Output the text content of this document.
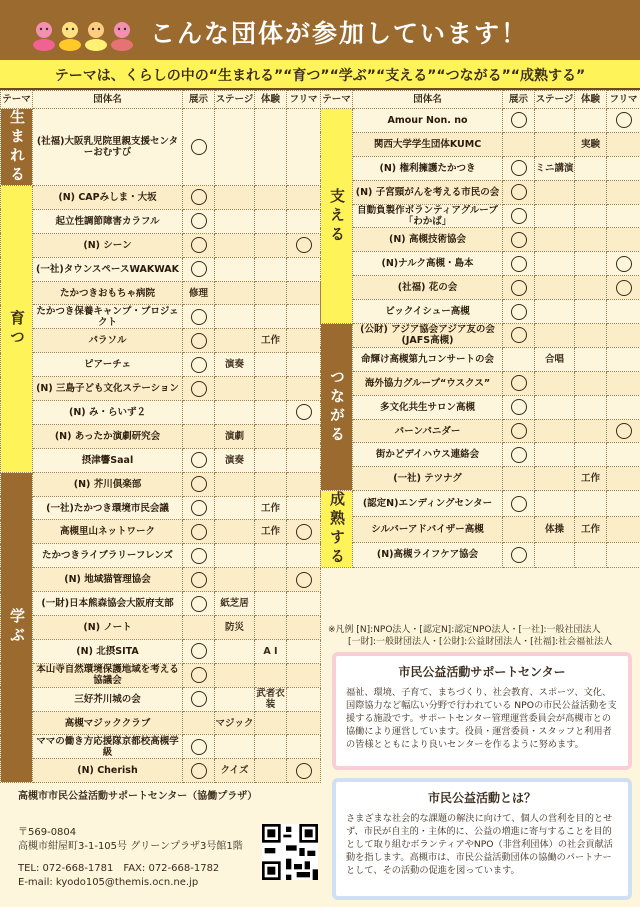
こんな団体が参加しています！
テーマは、くらしの中の“生まれる”“育つ”“学ぶ”“支える”“つながる”“成熟する”
テーマ	団体名	展示	ステージ	体験	フリマ
生まれる	(社福)大阪乳児院里親支援センターおむすび				
育つ	(N) CAPみしま・大坂				
	起立性調節障害カラフル				
	(N) シーン				
	(一社)タウンスペースWAKWAK				
	たかつきおもちゃ病院	修理			
	たかつき保養キャンプ・プロジェクト				
	パラソル			工作	
	ピアーチェ		演奏		
	(N) 三島子ども文化ステーション				
	(N) み・らいず２				
	(N) あったか演劇研究会		演劇		
	摂津響Saal		演奏		
学ぶ	(N) 芥川倶楽部				
	(一社)たかつき環境市民会議			工作	
	高槻里山ネットワーク			工作	
	たかつきライブラリーフレンズ				
	(N) 地域猫管理協会				
	(一財)日本熊森協会大阪府支部		紙芝居		
	(N) ノート		防災		
	(N) 北摂SITA			A I	
	本山寺自然環境保護地域を考える協議会				
	三好芥川城の会			武者衣装	
	高槻マジッククラブ		マジック		
	ママの働き方応援隊京都校高槻学級				
	(N) Cherish		クイズ		
テーマ	団体名	展示	ステージ	体験	フリマ
支える	Amour Non. no				
	関西大学学生団体KUMC			実験	
	(N) 権利擁護たかつき		ミニ講演		
	(N) 子宮頸がんを考える市民の会				
	自動負製作ボランティアグループ「わかば」				
	(N) 高槻技術協会				
	(N)ナルク高槻・島本				
	(社福) 花の会				
	ビックイシュー高槻				
つながる	(公財) アジア協会アジア友の会(JAFS高槻)				
	命輝け高槻第九コンサートの会		合唱		
	海外協力グループ“ウスクス”				
	多文化共生サロン高槻				
	バーンパニダー				
	街かどデイハウス連絡会				
	(一社) テツナグ			工作	
成熟する	(認定N)エンディングセンター				
	シルバーアドバイザー高槻		体操	工作	
	(N)高槻ライフケア協会				
※凡例 [N]:NPO法人・[認定N]:認定NPO法人・[一社]:一般社団法人
[一財]:一般財団法人・[公財]:公益財団法人・[社福]:社会福祉法人
市民公益活動サポートセンター
福祉、環境、子育て、まちづくり、社会教育、スポーツ、文化、国際協力など幅広い分野で行われている NPOの市民公益活動を支援する施設です。サポートセンター管理運営委員会が高槻市との協働により運営しています。役員・運営委員・スタッフと利用者の皆様とともにより良いセンターを作るように努めます。
市民公益活動とは？
さまざまな社会的な課題の解決に向けて、個人の営利を目的とせず、市民が自主的・主体的に、公益の増進に寄与することを目的として取り組むボランティアやNPO（非営利団体）の社会貢献活動を指します。高槻市は、市民公益活動団体の協働のパートナーとして、その活動の促進を図っています。
高槻市市民公益活動サポートセンター（協働プラザ）
〒569-0804
高槻市紺屋町3-1-105号 グリーンプラザ3号館1階
TEL: 072-668-1781　FAX: 072-668-1782
E-mail: kyodo105@themis.ocn.ne.jp
